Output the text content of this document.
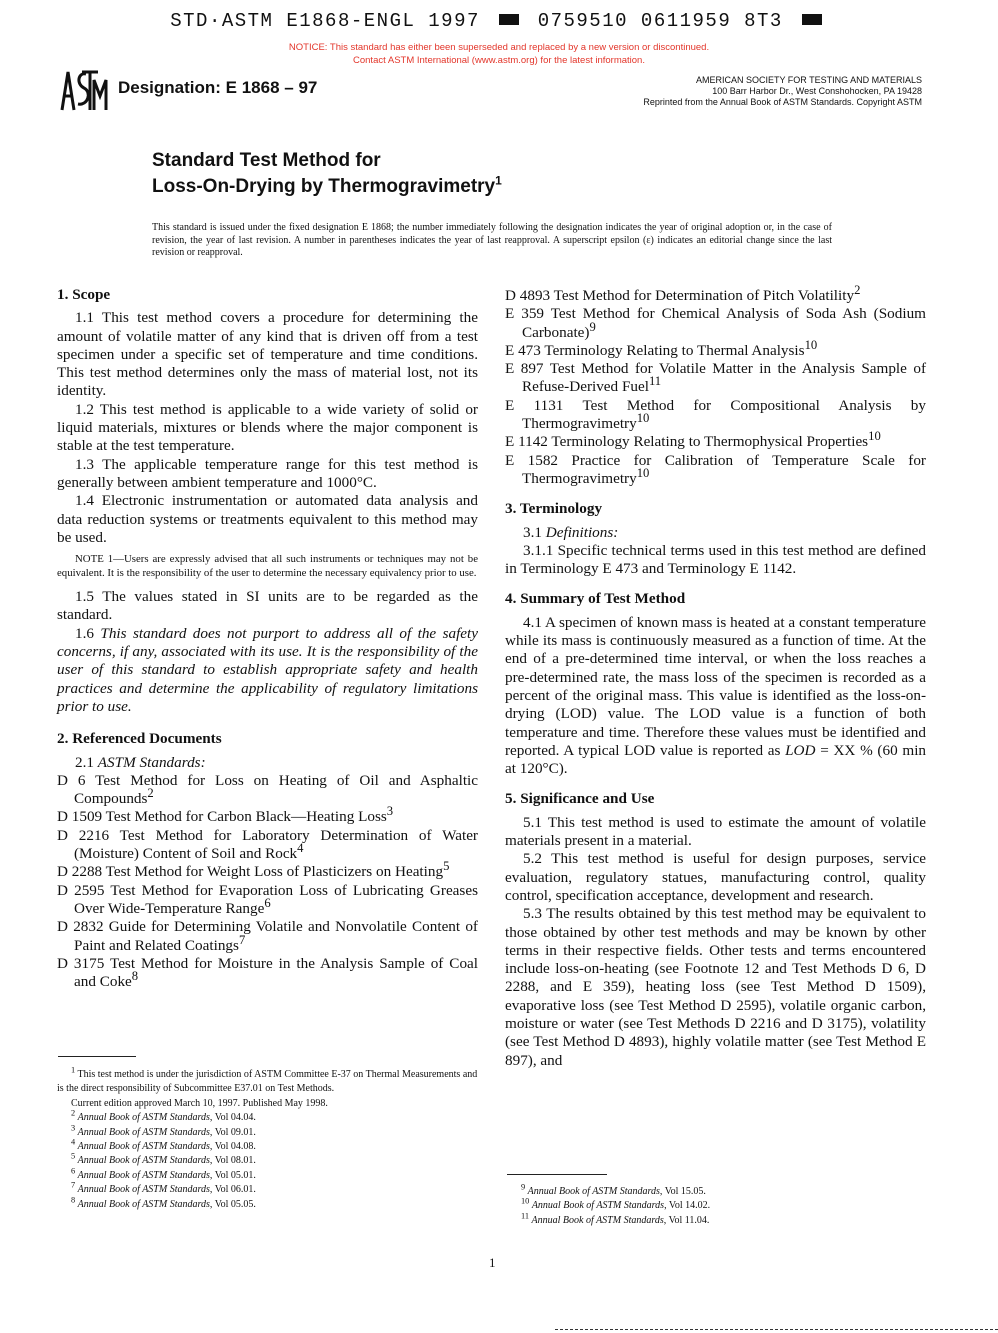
STD·ASTM E1868-ENGL 1997	0759510 0611959 8T3
NOTICE: This standard has either been superseded and replaced by a new version or discontinued.
Contact ASTM International (www.astm.org) for the latest information.
Designation: E 1868 – 97	AMERICAN SOCIETY FOR TESTING AND MATERIALS
100 Barr Harbor Dr., West Conshohocken, PA 19428
Reprinted from the Annual Book of ASTM Standards. Copyright ASTM
Standard Test Method for
Loss-On-Drying by Thermogravimetry$^1$
This standard is issued under the fixed designation E 1868; the number immediately following the designation indicates the year of original adoption or, in the case of revision, the year of last revision. A number in parentheses indicates the year of last reapproval. A superscript epsilon (ε) indicates an editorial change since the last revision or reapproval.

1. Scope

1.1 This test method covers a procedure for determining the amount of volatile matter of any kind that is driven off from a test specimen under a specific set of temperature and time conditions. This test method determines only the mass of material lost, not its identity.

1.2 This test method is applicable to a wide variety of solid or liquid materials, mixtures or blends where the major component is stable at the test temperature.

1.3 The applicable temperature range for this test method is generally between ambient temperature and 1000°C.

1.4 Electronic instrumentation or automated data analysis and data reduction systems or treatments equivalent to this method may be used.

NOTE 1—Users are expressly advised that all such instruments or techniques may not be equivalent. It is the responsibility of the user to determine the necessary equivalency prior to use.

1.5 The values stated in SI units are to be regarded as the standard.

1.6 This standard does not purport to address all of the safety concerns, if any, associated with its use. It is the responsibility of the user of this standard to establish appropriate safety and health practices and determine the applicability of regulatory limitations prior to use.

2. Referenced Documents

2.1 ASTM Standards:

D 6 Test Method for Loss on Heating of Oil and Asphaltic Compounds$^2$

D 1509 Test Method for Carbon Black—Heating Loss$^3$

D 2216 Test Method for Laboratory Determination of Water (Moisture) Content of Soil and Rock$^4$

D 2288 Test Method for Weight Loss of Plasticizers on Heating$^5$

D 2595 Test Method for Evaporation Loss of Lubricating Greases Over Wide-Temperature Range$^6$

D 2832 Guide for Determining Volatile and Nonvolatile Content of Paint and Related Coatings$^7$

D 3175 Test Method for Moisture in the Analysis Sample of Coal and Coke$^8$

D 4893 Test Method for Determination of Pitch Volatility$^2$

E 359 Test Method for Chemical Analysis of Soda Ash (Sodium Carbonate)$^9$

E 473 Terminology Relating to Thermal Analysis$^{10}$

E 897 Test Method for Volatile Matter in the Analysis Sample of Refuse-Derived Fuel$^{11}$

E 1131 Test Method for Compositional Analysis by Thermogravimetry$^{10}$

E 1142 Terminology Relating to Thermophysical Properties$^{10}$

E 1582 Practice for Calibration of Temperature Scale for Thermogravimetry$^{10}$

3. Terminology

3.1 Definitions:

3.1.1 Specific technical terms used in this test method are defined in Terminology E 473 and Terminology E 1142.

4. Summary of Test Method

4.1 A specimen of known mass is heated at a constant temperature while its mass is continuously measured as a function of time. At the end of a pre-determined time interval, or when the loss reaches a pre-determined rate, the mass loss of the specimen is recorded as a percent of the original mass. This value is identified as the loss-on-drying (LOD) value. The LOD value is a function of both temperature and time. Therefore these values must be identified and reported. A typical LOD value is reported as LOD = XX % (60 min at 120°C).

5. Significance and Use

5.1 This test method is used to estimate the amount of volatile materials present in a material.

5.2 This test method is useful for design purposes, service evaluation, regulatory statues, manufacturing control, quality control, specification acceptance, development and research.

5.3 The results obtained by this test method may be equivalent to those obtained by other test methods and may be known by other terms in their respective fields. Other tests and terms encountered include loss-on-heating (see Footnote 12 and Test Methods D 6, D 2288, and E 359), heating loss (see Test Method D 1509), evaporative loss (see Test Method D 2595), volatile organic carbon, moisture or water (see Test Methods D 2216 and D 3175), volatility (see Test Method D 4893), highly volatile matter (see Test Method E 897), and

$^1$ This test method is under the jurisdiction of ASTM Committee E-37 on Thermal Measurements and is the direct responsibility of Subcommittee E37.01 on Test Methods.

Current edition approved March 10, 1997. Published May 1998.

$^2$ Annual Book of ASTM Standards, Vol 04.04.

$^3$ Annual Book of ASTM Standards, Vol 09.01.

$^4$ Annual Book of ASTM Standards, Vol 04.08.

$^5$ Annual Book of ASTM Standards, Vol 08.01.

$^6$ Annual Book of ASTM Standards, Vol 05.01.

$^7$ Annual Book of ASTM Standards, Vol 06.01.

$^8$ Annual Book of ASTM Standards, Vol 05.05.

$^9$ Annual Book of ASTM Standards, Vol 15.05.

$^{10}$ Annual Book of ASTM Standards, Vol 14.02.

$^{11}$ Annual Book of ASTM Standards, Vol 11.04.

1
